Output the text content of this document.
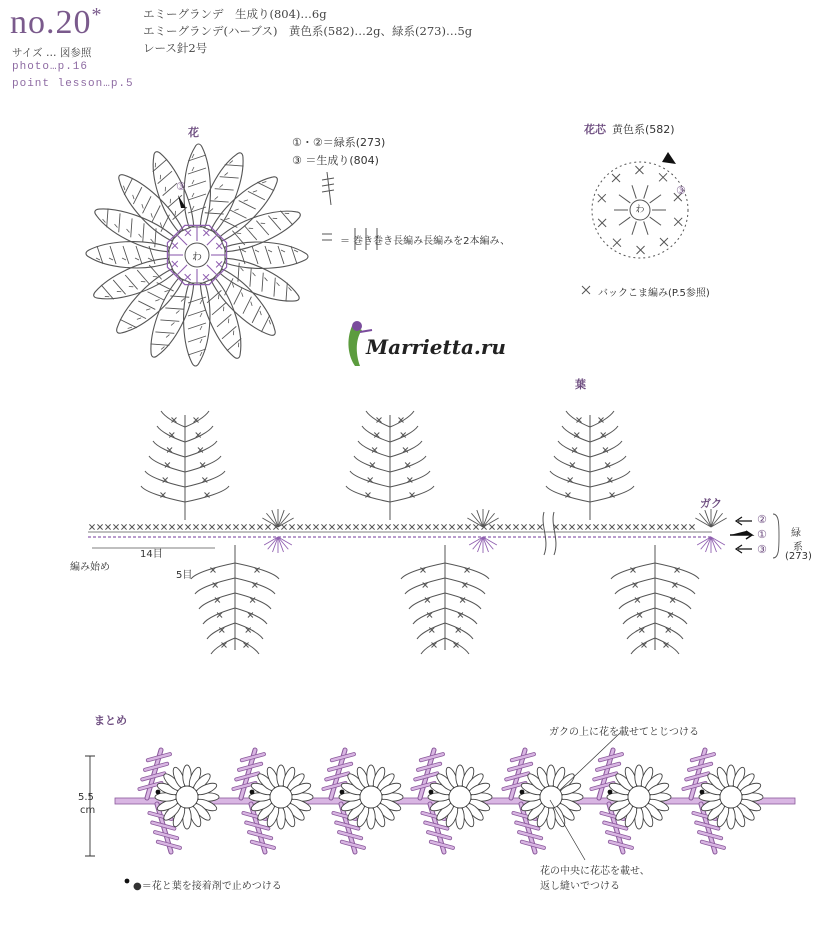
no.20*	エミーグランデ　生成り(804)…6g
エミーグランデ(ハーブス)　黄色系(582)…2g、緑系(273)…5g
レース針2号
サイズ … 図参照
photo…p.16
point lesson…p.5
花
①・②＝緑系(273)
③ ＝生成り(804)
＝ 巻き巻き長編み長編みを2本編み、
花芯 黄色系(582)
バックこま編み(P.5参照)
Marrietta.ru
葉
ガク
編み始め
14目
5目
②
①
③
緑
系
(273)
まとめ
5.5
cm
ガクの上に花を載せてとじつける
花の中央に花芯を載せ、
返し縫いでつける
●＝花と葉を接着剤で止めつける
わ
③
わ
③
